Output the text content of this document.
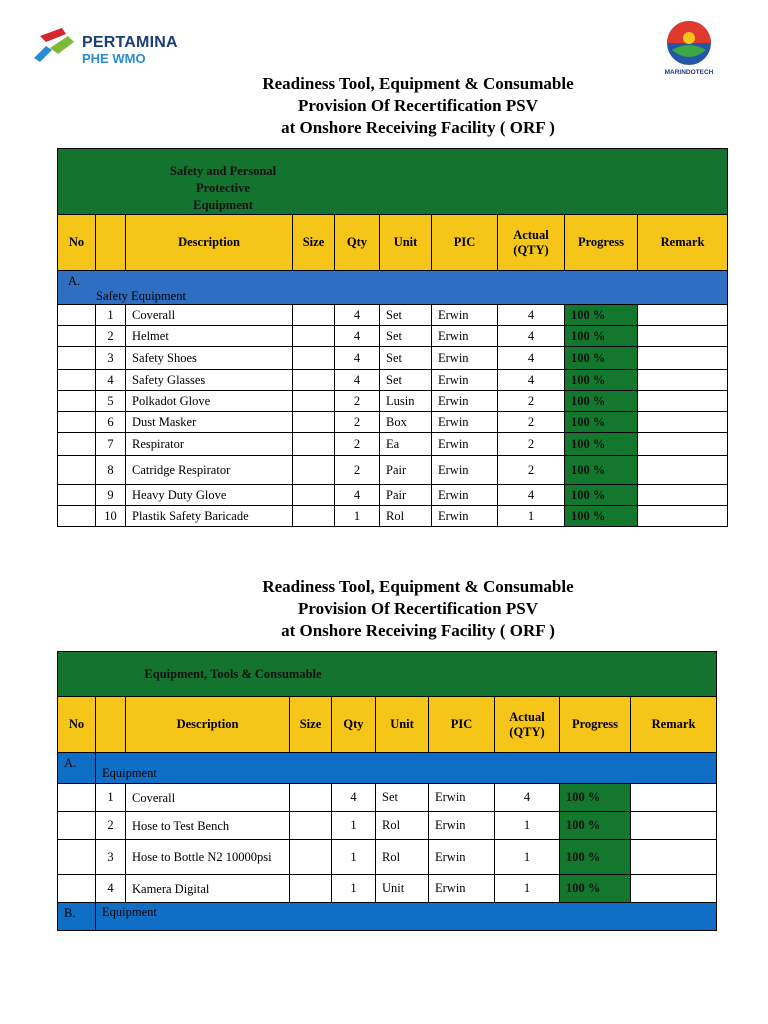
PERTAMINA
PHE WMO
MARINDOTECH
Readiness Tool, Equipment & Consumable
Provision Of Recertification PSV
at Onshore Receiving Facility ( ORF )
Safety and Personal
Protective
Equipment									

No		Description	Size	Qty	Unit	PIC	Actual (QTY)	Progress	Remark

A.
Safety Equipment									

	1	Coverall		4	Set	Erwin	4	100 %	
	2	Helmet		4	Set	Erwin	4	100 %	
	3	Safety Shoes		4	Set	Erwin	4	100 %	
	4	Safety Glasses		4	Set	Erwin	4	100 %	
	5	Polkadot Glove		2	Lusin	Erwin	2	100 %	
	6	Dust Masker		2	Box	Erwin	2	100 %	
	7	Respirator		2	Ea	Erwin	2	100 %	
	8	Catridge Respirator		2	Pair	Erwin	2	100 %	
	9	Heavy Duty Glove		4	Pair	Erwin	4	100 %	
	10	Plastik Safety Baricade		1	Rol	Erwin	1	100 %	
Readiness Tool, Equipment & Consumable
Provision Of Recertification PSV
at Onshore Receiving Facility ( ORF )
Equipment, Tools & Consumable									

No		Description	Size	Qty	Unit	PIC	Actual (QTY)	Progress	Remark
A.	Equipment								
	1	Coverall		4	Set	Erwin	4	100 %	
	2	Hose to Test Bench		1	Rol	Erwin	1	100 %	
	3	Hose to Bottle N2 10000psi		1	Rol	Erwin	1	100 %	
	4	Kamera Digital		1	Unit	Erwin	1	100 %	
B.	Equipment								
